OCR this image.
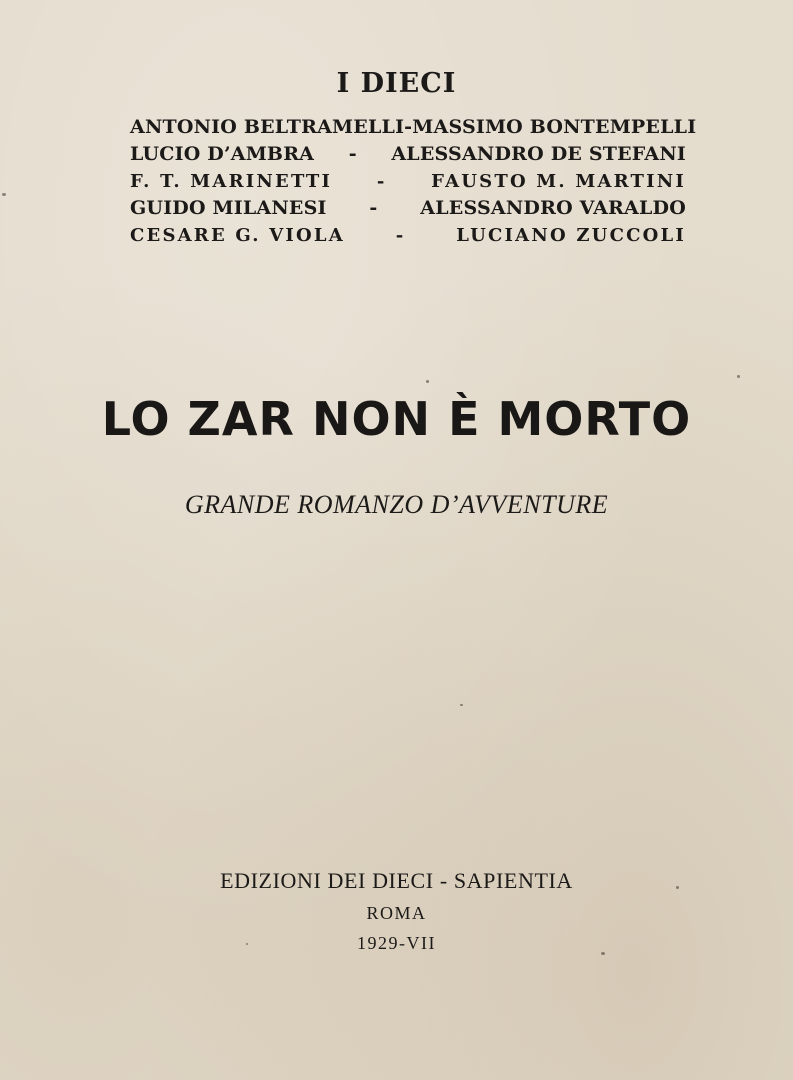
I DIECI
ANTONIO BELTRAMELLI - MASSIMO BONTEMPELLI
LUCIO D’AMBRA - ALESSANDRO DE STEFANI
F. T. MARINETTI - FAUSTO M. MARTINI
GUIDO MILANESI - ALESSANDRO VARALDO
CESARE G. VIOLA	-	LUCIANO ZUCCOLI
LO ZAR NON È MORTO

GRANDE ROMANZO D’AVVENTURE

EDIZIONI DEI DIECI - SAPIENTIA

ROMA

1929-VII
